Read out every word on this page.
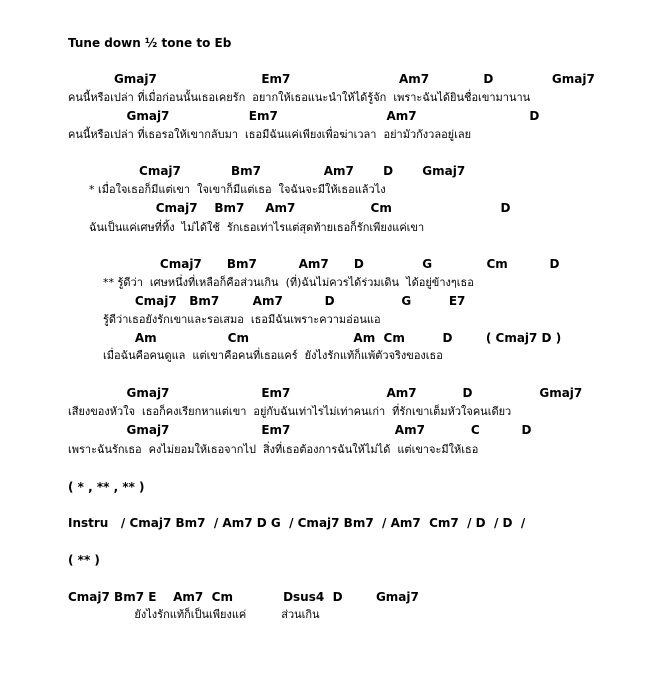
Tune down ½ tone to Eb
Gmaj7                         Em7                          Am7             D              Gmaj7
คนนี้หรือเปล่า ที่เมื่อก่อนนั้นเธอเคยรัก  อยากให้เธอแนะนำให้ได้รู้จัก  เพราะฉันได้ยินชื่อเขามานาน
Gmaj7                   Em7                          Am7                           D
คนนี้หรือเปล่า ที่เธอรอให้เขากลับมา  เธอมีฉันแค่เพียงเพื่อฆ่าเวลา  อย่ามัวกังวลอยู่เลย
Cmaj7            Bm7               Am7       D       Gmaj7
* เมื่อใจเธอก็มีแต่เขา  ใจเขาก็มีแต่เธอ  ใจฉันจะมีให้เธอแล้วไง
Cmaj7    Bm7     Am7                  Cm                          D
ฉันเป็นแค่เศษที่ทิ้ง  ไม่ได้ใช้  รักเธอเท่าไรแต่สุดท้ายเธอก็รักเพียงแค่เขา
Cmaj7      Bm7          Am7      D              G             Cm          D
** รู้ดีว่า  เศษหนึ่งที่เหลือก็คือส่วนเกิน  (ที่)ฉันไม่ควรได้ร่วมเดิน  ได้อยู่ข้างๆเธอ
Cmaj7   Bm7        Am7          D                G         E7
รู้ดีว่าเธอยังรักเขาและรอเสมอ  เธอมีฉันเพราะความอ่อนแอ
Am                 Cm                         Am  Cm         D        ( Cmaj7 D )
เมื่อฉันคือคนดูแล  แต่เขาคือคนที่เธอแคร์  ยังไงรักแท้ก็แพ้ตัวจริงของเธอ
Gmaj7                      Em7                       Am7           D                Gmaj7
เสียงของหัวใจ  เธอก็คงเรียกหาแต่เขา  อยู่กับฉันเท่าไรไม่เท่าคนเก่า  ที่รักเขาเต็มหัวใจคนเดียว
Gmaj7                      Em7                         Am7           C          D
เพราะฉันรักเธอ  คงไม่ยอมให้เธอจากไป  สิ่งที่เธอต้องการฉันให้ไม่ได้  แต่เขาจะมีให้เธอ
( * , ** , ** )
Instru   / Cmaj7 Bm7  / Am7 D G  / Cmaj7 Bm7  / Am7  Cm7  / D  / D  /
( ** )
Cmaj7 Bm7 E    Am7  Cm            Dsus4  D        Gmaj7
ยังไงรักแท้ก็เป็นเพียงแค่          ส่วนเกิน
